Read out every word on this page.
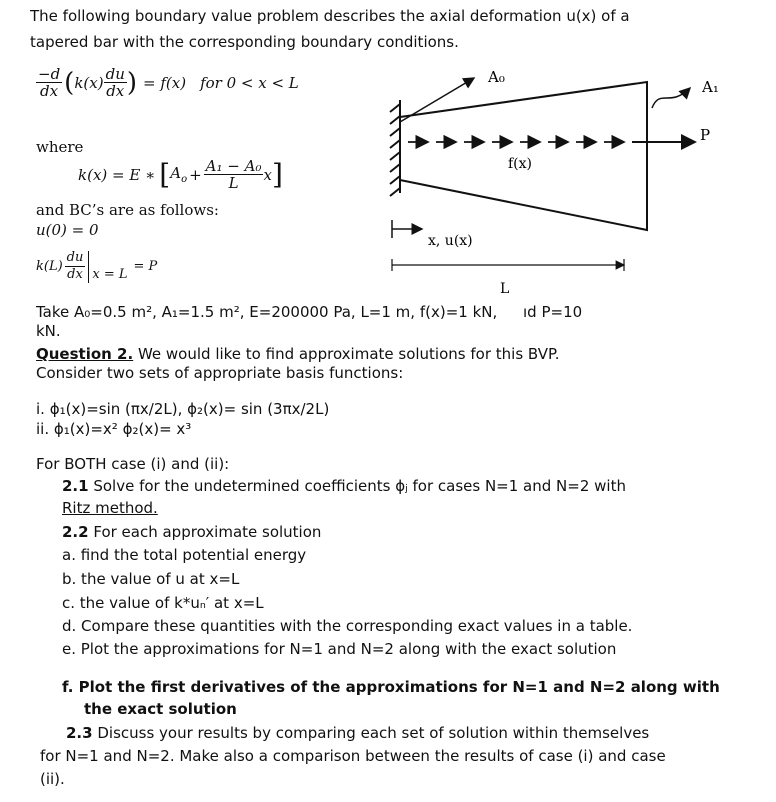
The following boundary value problem describes the axial deformation u(x) of a
tapered bar with the corresponding boundary conditions.
$\frac{-d}{dx}$ ( $k(x) \frac{du}{dx}$ ) = f(x) for 0 < x < L
where
k(x) = E ∗ [ $A_o + \frac{\text{A₁ − A₀}}{L}$ x ]
and BC’s are as follows:
u(0) = 0
$k(L) \frac{du}{dx}$ x = L
= P
A₀
A₁
P
f(x)
x, u(x)
L
Take A₀=0.5 m², A₁=1.5 m², E=200000 Pa, L=1 m, f(x)=1 kN, ıd P=10
kN.
Question 2. We would like to find approximate solutions for this BVP.
Consider two sets of appropriate basis functions:
i. ϕ₁(x)=sin (πx/2L), ϕ₂(x)= sin (3πx/2L)
ii. ϕ₁(x)=x² ϕ₂(x)= x³
For BOTH case (i) and (ii):
2.1 Solve for the undetermined coefficients ϕⱼ for cases N=1 and N=2 with
Ritz method.
2.2 For each approximate solution
a. find the total potential energy
b. the value of u at x=L
c. the value of k*uₙ′ at x=L
d. Compare these quantities with the corresponding exact values in a table.
e. Plot the approximations for N=1 and N=2 along with the exact solution
f. Plot the first derivatives of the approximations for N=1 and N=2 along with
the exact solution
2.3 Discuss your results by comparing each set of solution within themselves
for N=1 and N=2. Make also a comparison between the results of case (i) and case
(ii).
